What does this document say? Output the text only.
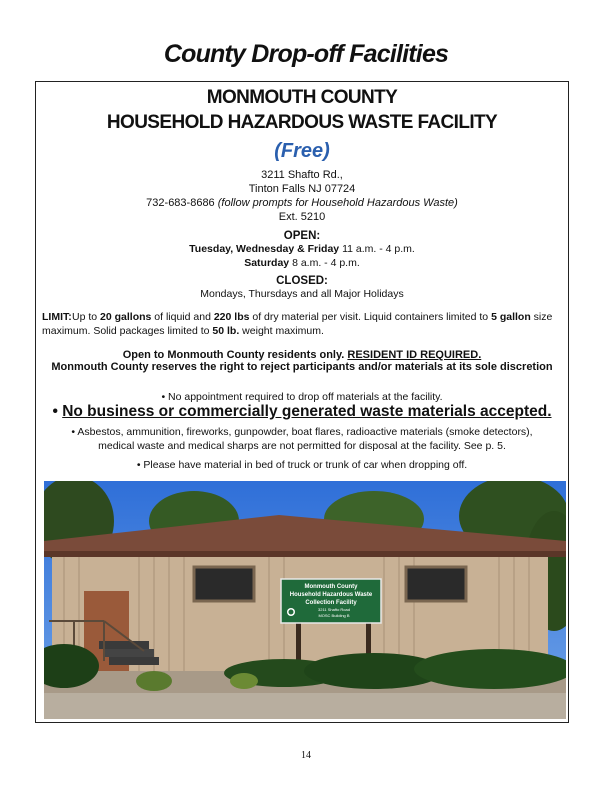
County Drop-off Facilities
MONMOUTH COUNTY
HOUSEHOLD HAZARDOUS WASTE FACILITY
(Free)
3211 Shafto Rd.,
Tinton Falls NJ 07724
732-683-8686 (follow prompts for Household Hazardous Waste)
Ext. 5210
OPEN:
Tuesday, Wednesday & Friday 11 a.m. - 4 p.m.
Saturday 8 a.m. - 4 p.m.
CLOSED:
Mondays, Thursdays and all Major Holidays
LIMIT:Up to 20 gallons of liquid and 220 lbs of dry material per visit. Liquid containers limited to 5 gallon size maximum. Solid packages limited to 50 lb. weight maximum.
Open to Monmouth County residents only. RESIDENT ID REQUIRED.
Monmouth County reserves the right to reject participants and/or materials at its sole discretion
• No appointment required to drop off materials at the facility.
• No business or commercially generated waste materials accepted.
• Asbestos, ammunition, fireworks, gunpowder, boat flares, radioactive materials (smoke detectors),
medical waste and medical sharps are not permitted for disposal at the facility. See p. 5.
• Please have material in bed of truck or trunk of car when dropping off.
Monmouth County
Household Hazardous Waste
Collection Facility
3211 Shafto Road
MOSC Building B
14
